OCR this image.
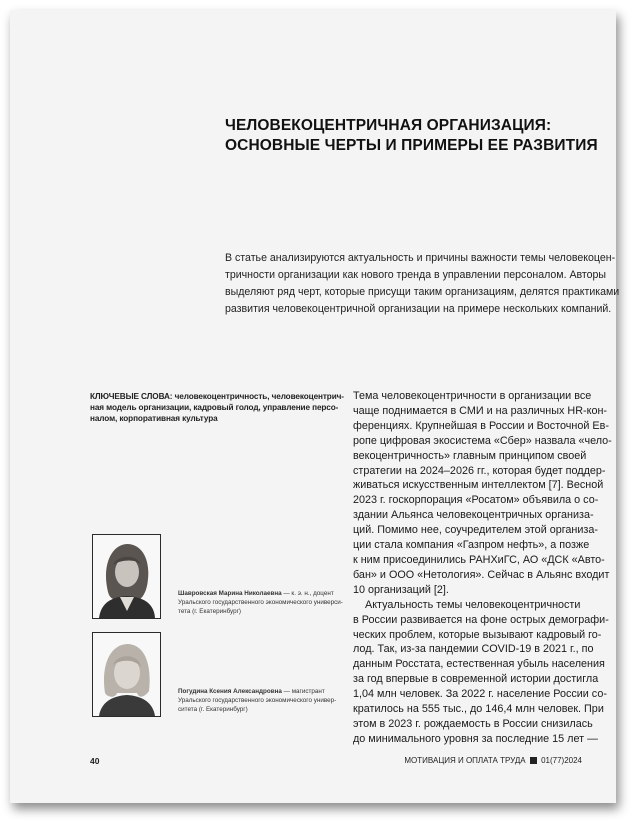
ЧЕЛОВЕКОЦЕНТРИЧНАЯ ОРГАНИЗАЦИЯ:
ОСНОВНЫЕ ЧЕРТЫ И ПРИМЕРЫ ЕЕ РАЗВИТИЯ
В статье анализируются актуальность и причины важности темы человекоцен-
тричности организации как нового тренда в управлении персоналом. Авторы
выделяют ряд черт, которые присущи таким организациям, делятся практиками
развития человекоцентричной организации на примере нескольких компаний.
КЛЮЧЕВЫЕ СЛОВА: человекоцентричность, человекоцентрич-
ная модель организации, кадровый голод, управление персо-
налом, корпоративная культура
Тема человекоцентричности в организации все
чаще поднимается в СМИ и на различных HR-кон-
ференциях. Крупнейшая в России и Восточной Ев-
ропе цифровая экосистема «Сбер» назвала «чело-
векоцентричность» главным принципом своей
стратегии на 2024–2026 гг., которая будет поддер-
живаться искусственным интеллектом [7]. Весной
2023 г. госкорпорация «Росатом» объявила о со-
здании Альянса человекоцентричных организа-
ций. Помимо нее, соучредителем этой организа-
ции стала компания «Газпром нефть», а позже
к ним присоединились РАНХиГС, АО «ДСК «Авто-
бан» и ООО «Нетология». Сейчас в Альянс входит
10 организаций [2].
Актуальность темы человекоцентричности
в России развивается на фоне острых демографи-
ческих проблем, которые вызывают кадровый го-
лод. Так, из-за пандемии COVID-19 в 2021 г., по
данным Росстата, естественная убыль населения
за год впервые в современной истории достигла
1,04 млн человек. За 2022 г. население России со-
кратилось на 555 тыс., до 146,4 млн человек. При
этом в 2023 г. рождаемость в России снизилась
до минимального уровня за последние 15 лет —
Шавровская Марина Николаевна — к. э. н., доцент
Уральского государственного экономического универси-
тета (г. Екатеринбург)
Погудина Ксения Александровна — магистрант
Уральского государственного экономического универ-
ситета (г. Екатеринбург)
40	МОТИВАЦИЯ И ОПЛАТА ТРУДА 01(77)2024
